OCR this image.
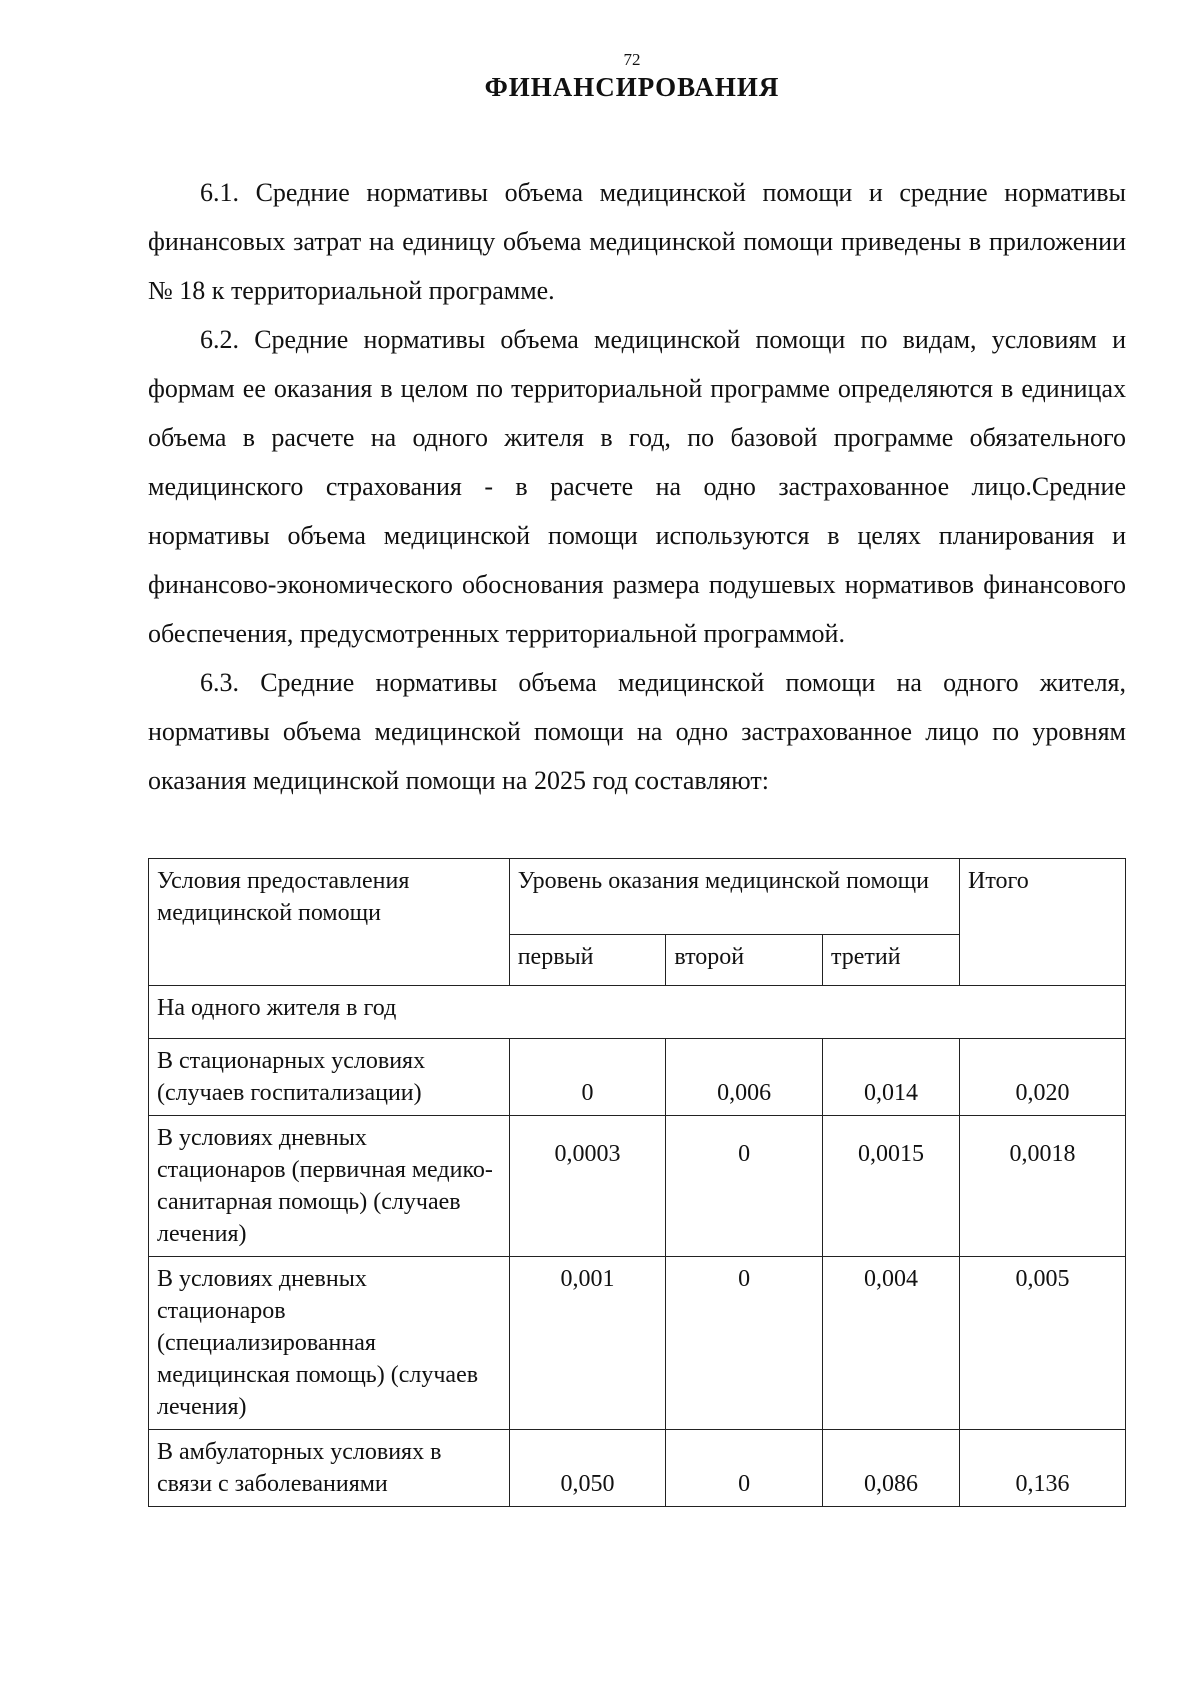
72
ФИНАНСИРОВАНИЯ

6.1. Средние нормативы объема медицинской помощи и средние нормативы финансовых затрат на единицу объема медицинской помощи приведены в приложении № 18 к территориальной программе.

6.2. Средние нормативы объема медицинской помощи по видам, условиям и формам ее оказания в целом по территориальной программе определяются в единицах объема в расчете на одного жителя в год, по базовой программе обязательного медицинского страхования - в расчете на одно застрахованное лицо.Средние нормативы объема медицинской помощи используются в целях планирования и финансово-экономического обоснования размера подушевых нормативов финансового обеспечения, предусмотренных территориальной программой.

6.3. Средние нормативы объема медицинской помощи на одного жителя, нормативы объема медицинской помощи на одно застрахованное лицо по уровням оказания медицинской помощи на 2025 год составляют:

Условия предоставления медицинской помощи	Уровень оказания медицинской помощи			Итого
	первый	второй	третий	
На одного жителя в год				
В стационарных условиях (случаев госпитализации)	0	0,006	0,014	0,020
В условиях дневных стационаров (первичная медико-санитарная помощь) (случаев лечения)	0,0003	0	0,0015	0,0018
В условиях дневных стационаров (специализированная медицинская помощь) (случаев лечения)	0,001	0	0,004	0,005
В амбулаторных условиях в связи с заболеваниями	0,050	0	0,086	0,136
